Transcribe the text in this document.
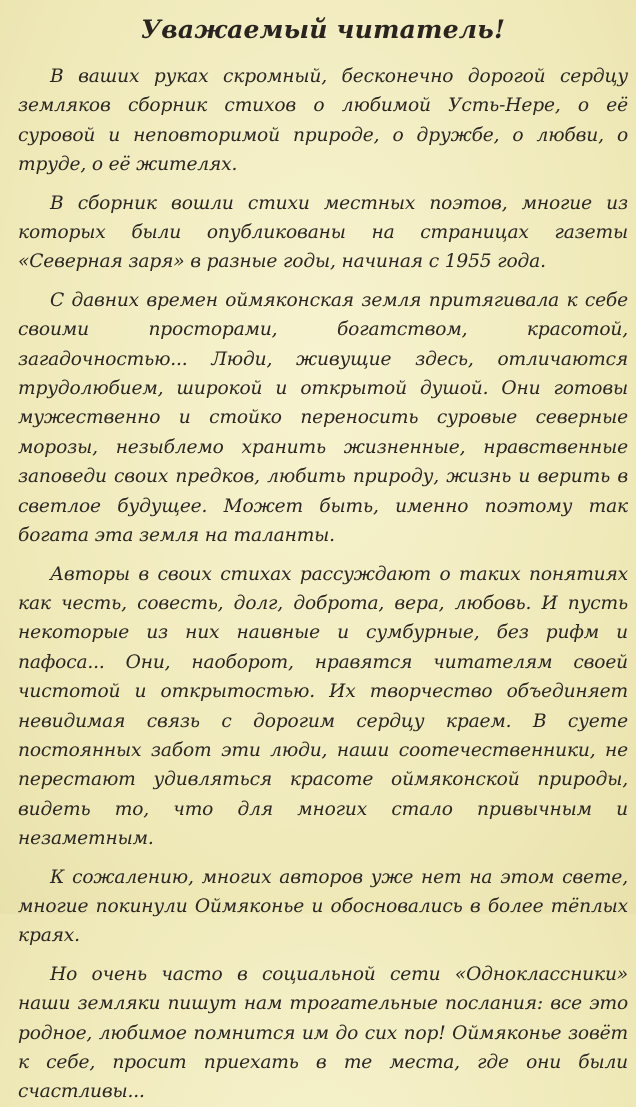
Уважаемый читатель!

В ваших руках скромный, бесконечно дорогой сердцу земляков сборник стихов о любимой Усть-Нере, о её суровой и неповторимой природе, о дружбе, о любви, о труде, о её жителях.

В сборник вошли стихи местных поэтов, многие из которых были опубликованы на страницах газеты «Северная заря» в разные годы, начиная с 1955 года.

С давних времен оймяконская земля притягивала к себе своими просторами, богатством, красотой, загадочностью... Люди, живущие здесь, отличаются трудолюбием, широкой и открытой душой. Они готовы мужественно и стойко переносить суровые северные морозы, незыблемо хранить жизненные, нравственные заповеди своих предков, любить природу, жизнь и верить в светлое будущее. Может быть, именно поэтому так богата эта земля на таланты.

Авторы в своих стихах рассуждают о таких понятиях как честь, совесть, долг, доброта, вера, любовь. И пусть некоторые из них наивные и сумбурные, без рифм и пафоса... Они, наоборот, нравятся читателям своей чистотой и открытостью. Их творчество объединяет невидимая связь с дорогим сердцу краем. В суете постоянных забот эти люди, наши соотечественники, не перестают удивляться красоте оймяконской природы, видеть то, что для многих стало привычным и незаметным.

К сожалению, многих авторов уже нет на этом свете, многие покинули Оймяконье и обосновались в более тёплых краях.

Но очень часто в социальной сети «Одноклассники» наши земляки пишут нам трогательные послания: все это родное, любимое помнится им до сих пор! Оймяконье зовёт к себе, просит приехать в те места, где они были счастливы...
